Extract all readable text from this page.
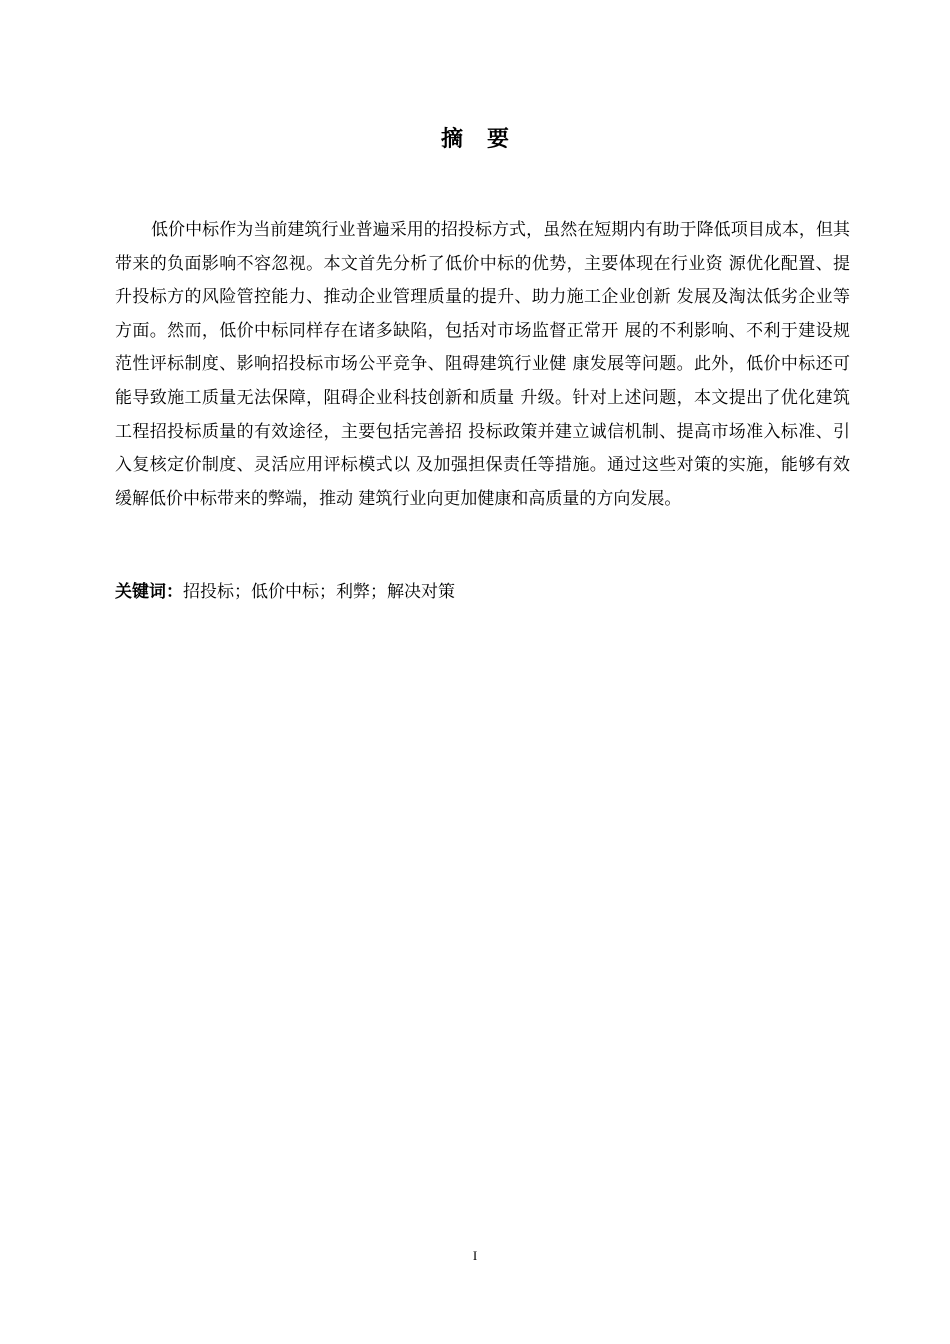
摘要

低价中标作为当前建筑行业普遍采用的招投标方式，虽然在短期内有助于降低项目成本，但其带来的负面影响不容忽视。本文首先分析了低价中标的优势，主要体现在行业资 源优化配置、提升投标方的风险管控能力、推动企业管理质量的提升、助力施工企业创新 发展及淘汰低劣企业等方面。然而，低价中标同样存在诸多缺陷，包括对市场监督正常开 展的不利影响、不利于建设规范性评标制度、影响招投标市场公平竞争、阻碍建筑行业健 康发展等问题。此外，低价中标还可能导致施工质量无法保障，阻碍企业科技创新和质量 升级。针对上述问题，本文提出了优化建筑工程招投标质量的有效途径，主要包括完善招 投标政策并建立诚信机制、提高市场准入标准、引入复核定价制度、灵活应用评标模式以 及加强担保责任等措施。通过这些对策的实施，能够有效缓解低价中标带来的弊端，推动 建筑行业向更加健康和高质量的方向发展。

关键词：招投标；低价中标；利弊；解决对策
I
